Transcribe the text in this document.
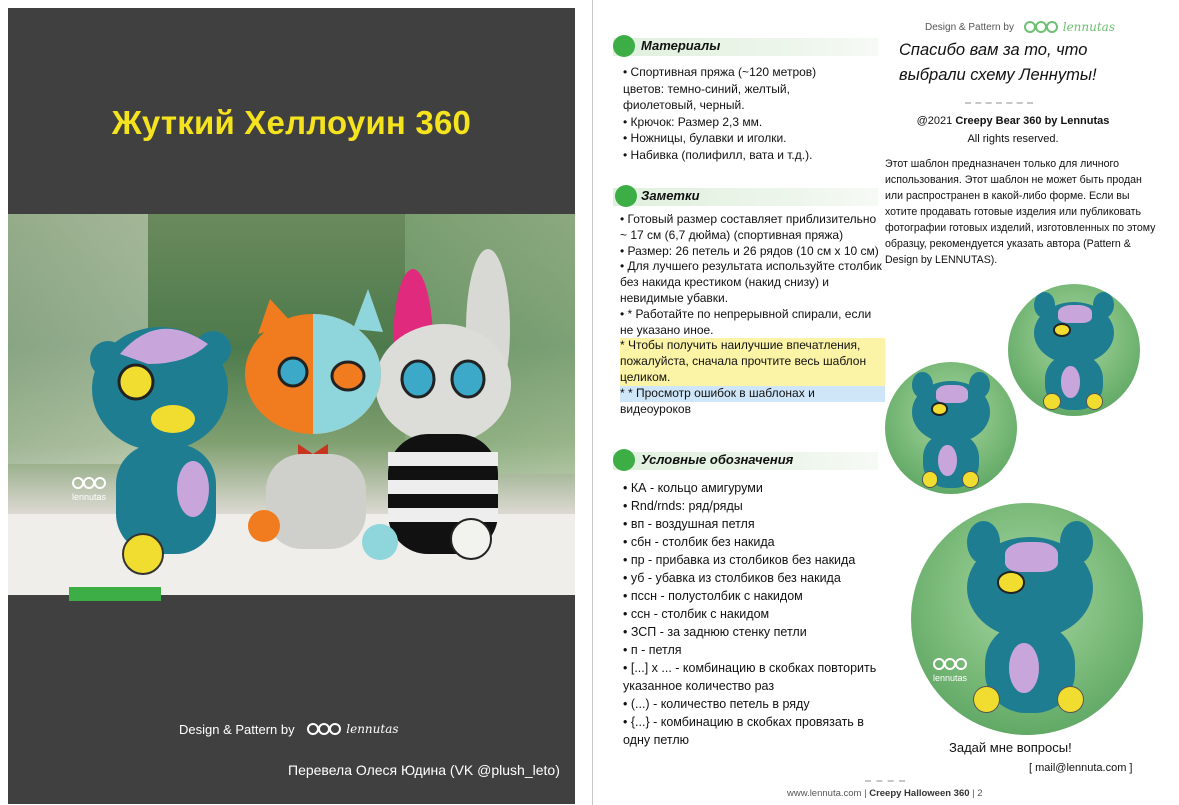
Жуткий Хеллоуин 360

lennutas
Design & Pattern by	lennutas
Перевела Олеся Юдина (VK @plush_leto)
Design & Pattern by	lennutas
Материалы
• Спортивная пряжа (~120 метров) цветов: темно-синий, желтый, фиолетовый, черный.
• Крючок: Размер 2,3 мм.
• Ножницы, булавки и иголки.
• Набивка (полифилл, вата и т.д.).
Заметки
• Готовый размер составляет приблизительно ~ 17 см (6,7 дюйма) (спортивная пряжа)
• Размер: 26 петель и 26 рядов (10 см x 10 см)
• Для лучшего результата используйте столбик без накида крестиком (накид снизу) и невидимые убавки.
• * Работайте по непрерывной спирали, если не указано иное.
* Чтобы получить наилучшие впечатления, пожалуйста, сначала прочтите весь шаблон целиком.
* * Просмотр ошибок в шаблонах и
видеоуроков
Условные обозначения
• КА - кольцо амигуруми
• Rnd/rnds: ряд/ряды
• вп - воздушная петля
• сбн - столбик без накида
• пр - прибавка из столбиков без накида
• уб - убавка из столбиков без накида
• пссн - полустолбик с накидом
• ссн - столбик с накидом
• ЗСП - за заднюю стенку петли
• п - петля
• [...] x ... - комбинацию в скобках повторить указанное количество раз
• (...) - количество петель в ряду
• {...} - комбинацию в скобках провязать в одну петлю
Спасибо вам за то, что выбрали схему Леннуты!
@2021 Creepy Bear 360 by Lennutas
All rights reserved.
Этот шаблон предназначен только для личного использования. Этот шаблон не может быть продан или распространен в какой-либо форме. Если вы хотите продавать готовые изделия или публиковать фотографии готовых изделий, изготовленных по этому образцу, рекомендуется указать автора (Pattern & Design by LENNUTAS).

lennutas
Задай мне вопросы!
[ mail@lennuta.com ]
www.lennuta.com | Creepy Halloween 360 | 2
